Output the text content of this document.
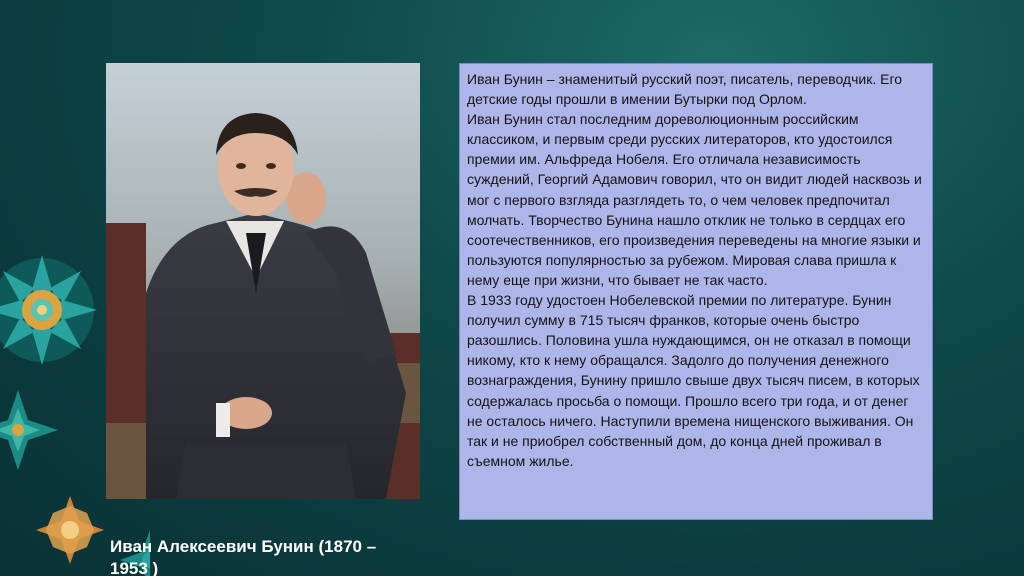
Иван Алексеевич Бунин (1870 – 1953 )

Иван Бунин – знаменитый русский поэт, писатель, переводчик. Его детские годы прошли в имении Бутырки под Орлом.

Иван Бунин стал последним дореволюционным российским классиком, и первым среди русских литераторов, кто удостоился премии им. Альфреда Нобеля. Его отличала независимость суждений, Георгий Адамович говорил, что он видит людей насквозь и мог с первого взгляда разглядеть то, о чем человек предпочитал молчать. Творчество Бунина нашло отклик не только в сердцах его соотечественников, его произведения переведены на многие языки и пользуются популярностью за рубежом. Мировая слава пришла к нему еще при жизни, что бывает не так часто.

В 1933 году удостоен Нобелевской премии по литературе. Бунин получил сумму в 715 тысяч франков, которые очень быстро разошлись. Половина ушла нуждающимся, он не отказал в помощи никому, кто к нему обращался. Задолго до получения денежного вознаграждения, Бунину пришло свыше двух тысяч писем, в которых содержалась просьба о помощи. Прошло всего три года, и от денег не осталось ничего. Наступили времена нищенского выживания. Он так и не приобрел собственный дом, до конца дней проживал в съемном жилье.
